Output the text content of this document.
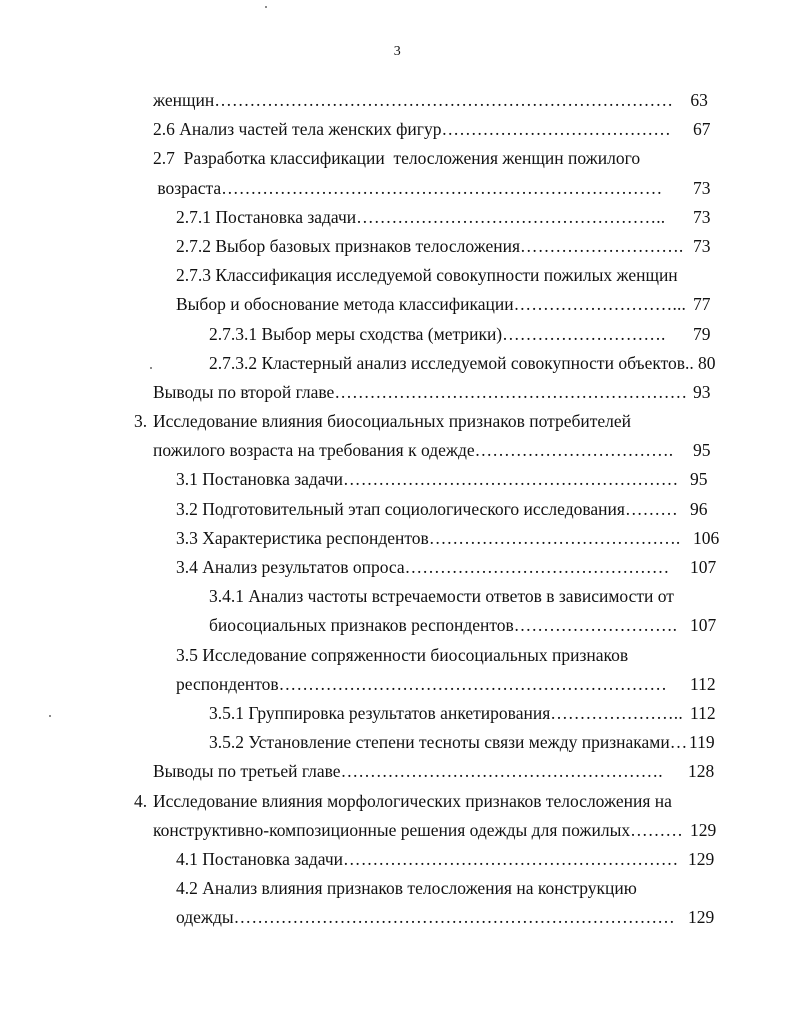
3

женщин……………………………………………………………………

63

2.6 Анализ частей тела женских фигур…………………………………

67

2.7  Разработка классификации  телосложения женщин пожилого

возраста…………………………………………………………………

73

2.7.1 Постановка задачи……………………………………………..

73

2.7.2 Выбор базовых признаков телосложения……………………….

73

2.7.3 Классификация исследуемой совокупности пожилых женщин

Выбор и обоснование метода классификации………………………...

77

2.7.3.1 Выбор меры сходства (метрики)……………………….

79

2.7.3.2 Кластерный анализ исследуемой совокупности объектов..

80

Выводы по второй главе……………………………………………………

93

3.

Исследование влияния биосоциальных признаков потребителей

пожилого возраста на требования к одежде…………………………….

95

3.1 Постановка задачи…………………………………………………

95

3.2 Подготовительный этап социологического исследования………

96

3.3 Характеристика респондентов…………………………………….

106

3.4 Анализ результатов опроса………………………………………

107

3.4.1 Анализ частоты встречаемости ответов в зависимости от

биосоциальных признаков респондентов……………………….

107

3.5 Исследование сопряженности биосоциальных признаков

респондентов…………………………………………………………

112

3.5.1 Группировка результатов анкетирования…………………..

112

3.5.2 Установление степени тесноты связи между признаками…

119

Выводы по третьей главе……………………………………………….

128

4.

Исследование влияния морфологических признаков телосложения на

конструктивно-композиционные решения одежды для пожилых………

129

4.1 Постановка задачи…………………………………………………

129

4.2 Анализ влияния признаков телосложения на конструкцию

одежды…………………………………………………………………

129
